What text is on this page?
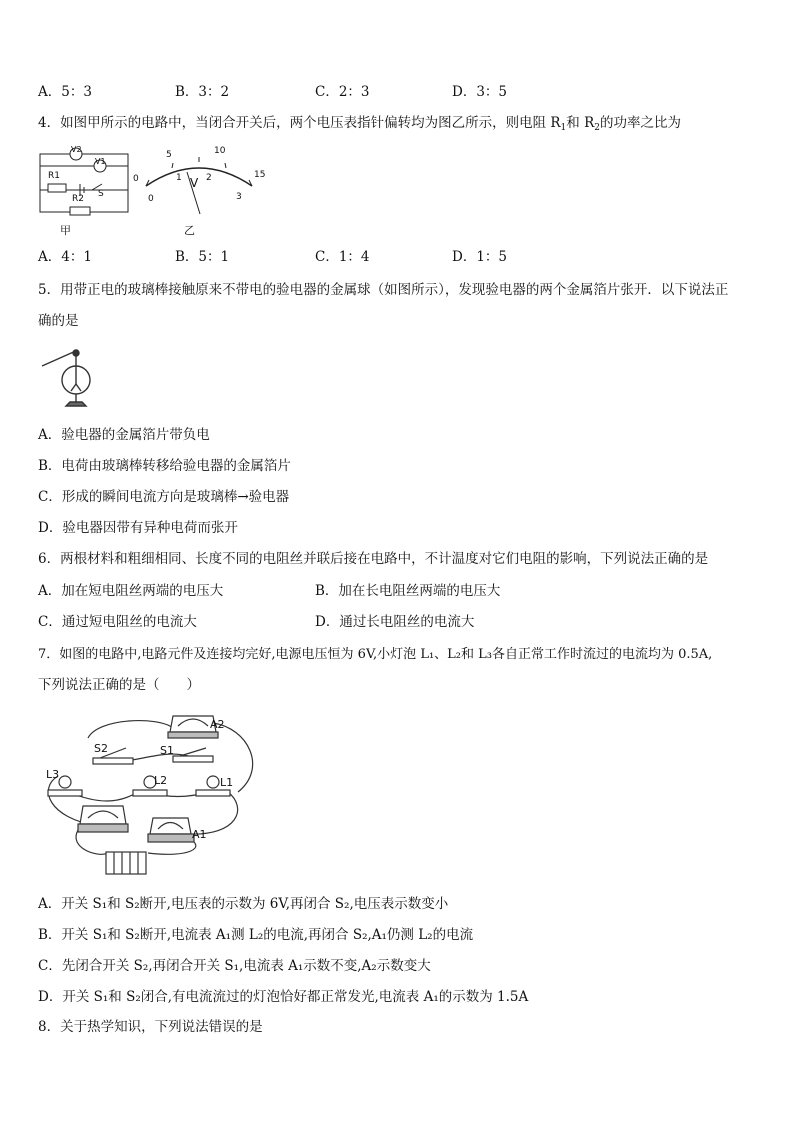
A．5：3	B．3：2	C．2：3	D．3：5
4．如图甲所示的电路中，当闭合开关后，两个电压表指针偏转均为图乙所示，则电阻 $R_1$和 $R_2$的功率之比为
V2
V1
R1
S
R2
甲
0
5	10
15
0
1	2
3
V
乙
A．4：1	B．5：1	C．1：4	D．1：5
5．用带正电的玻璃棒接触原来不带电的验电器的金属球（如图所示），发现验电器的两个金属箔片张开．以下说法正
确的是
A．验电器的金属箔片带负电
B．电荷由玻璃棒转移给验电器的金属箔片
C．形成的瞬间电流方向是玻璃棒→验电器
D．验电器因带有异种电荷而张开
6．两根材料和粗细相同、长度不同的电阻丝并联后接在电路中，不计温度对它们电阻的影响，下列说法正确的是
A．加在短电阻丝两端的电压大	B．加在长电阻丝两端的电压大
C．通过短电阻丝的电流大	D．通过长电阻丝的电流大
7．如图的电路中,电路元件及连接均完好,电源电压恒为 6V,小灯泡 L₁、L₂和 L₃各自正常工作时流过的电流均为 0.5A,
下列说法正确的是（　　）
A2
S2	S1
L3	L2	L1
A1
A．开关 S₁和 S₂断开,电压表的示数为 6V,再闭合 S₂,电压表示数变小
B．开关 S₁和 S₂断开,电流表 A₁测 L₂的电流,再闭合 S₂,A₁仍测 L₂的电流
C．先闭合开关 S₂,再闭合开关 S₁,电流表 A₁示数不变,A₂示数变大
D．开关 S₁和 S₂闭合,有电流流过的灯泡恰好都正常发光,电流表 A₁的示数为 1.5A
8．关于热学知识，下列说法错误的是
